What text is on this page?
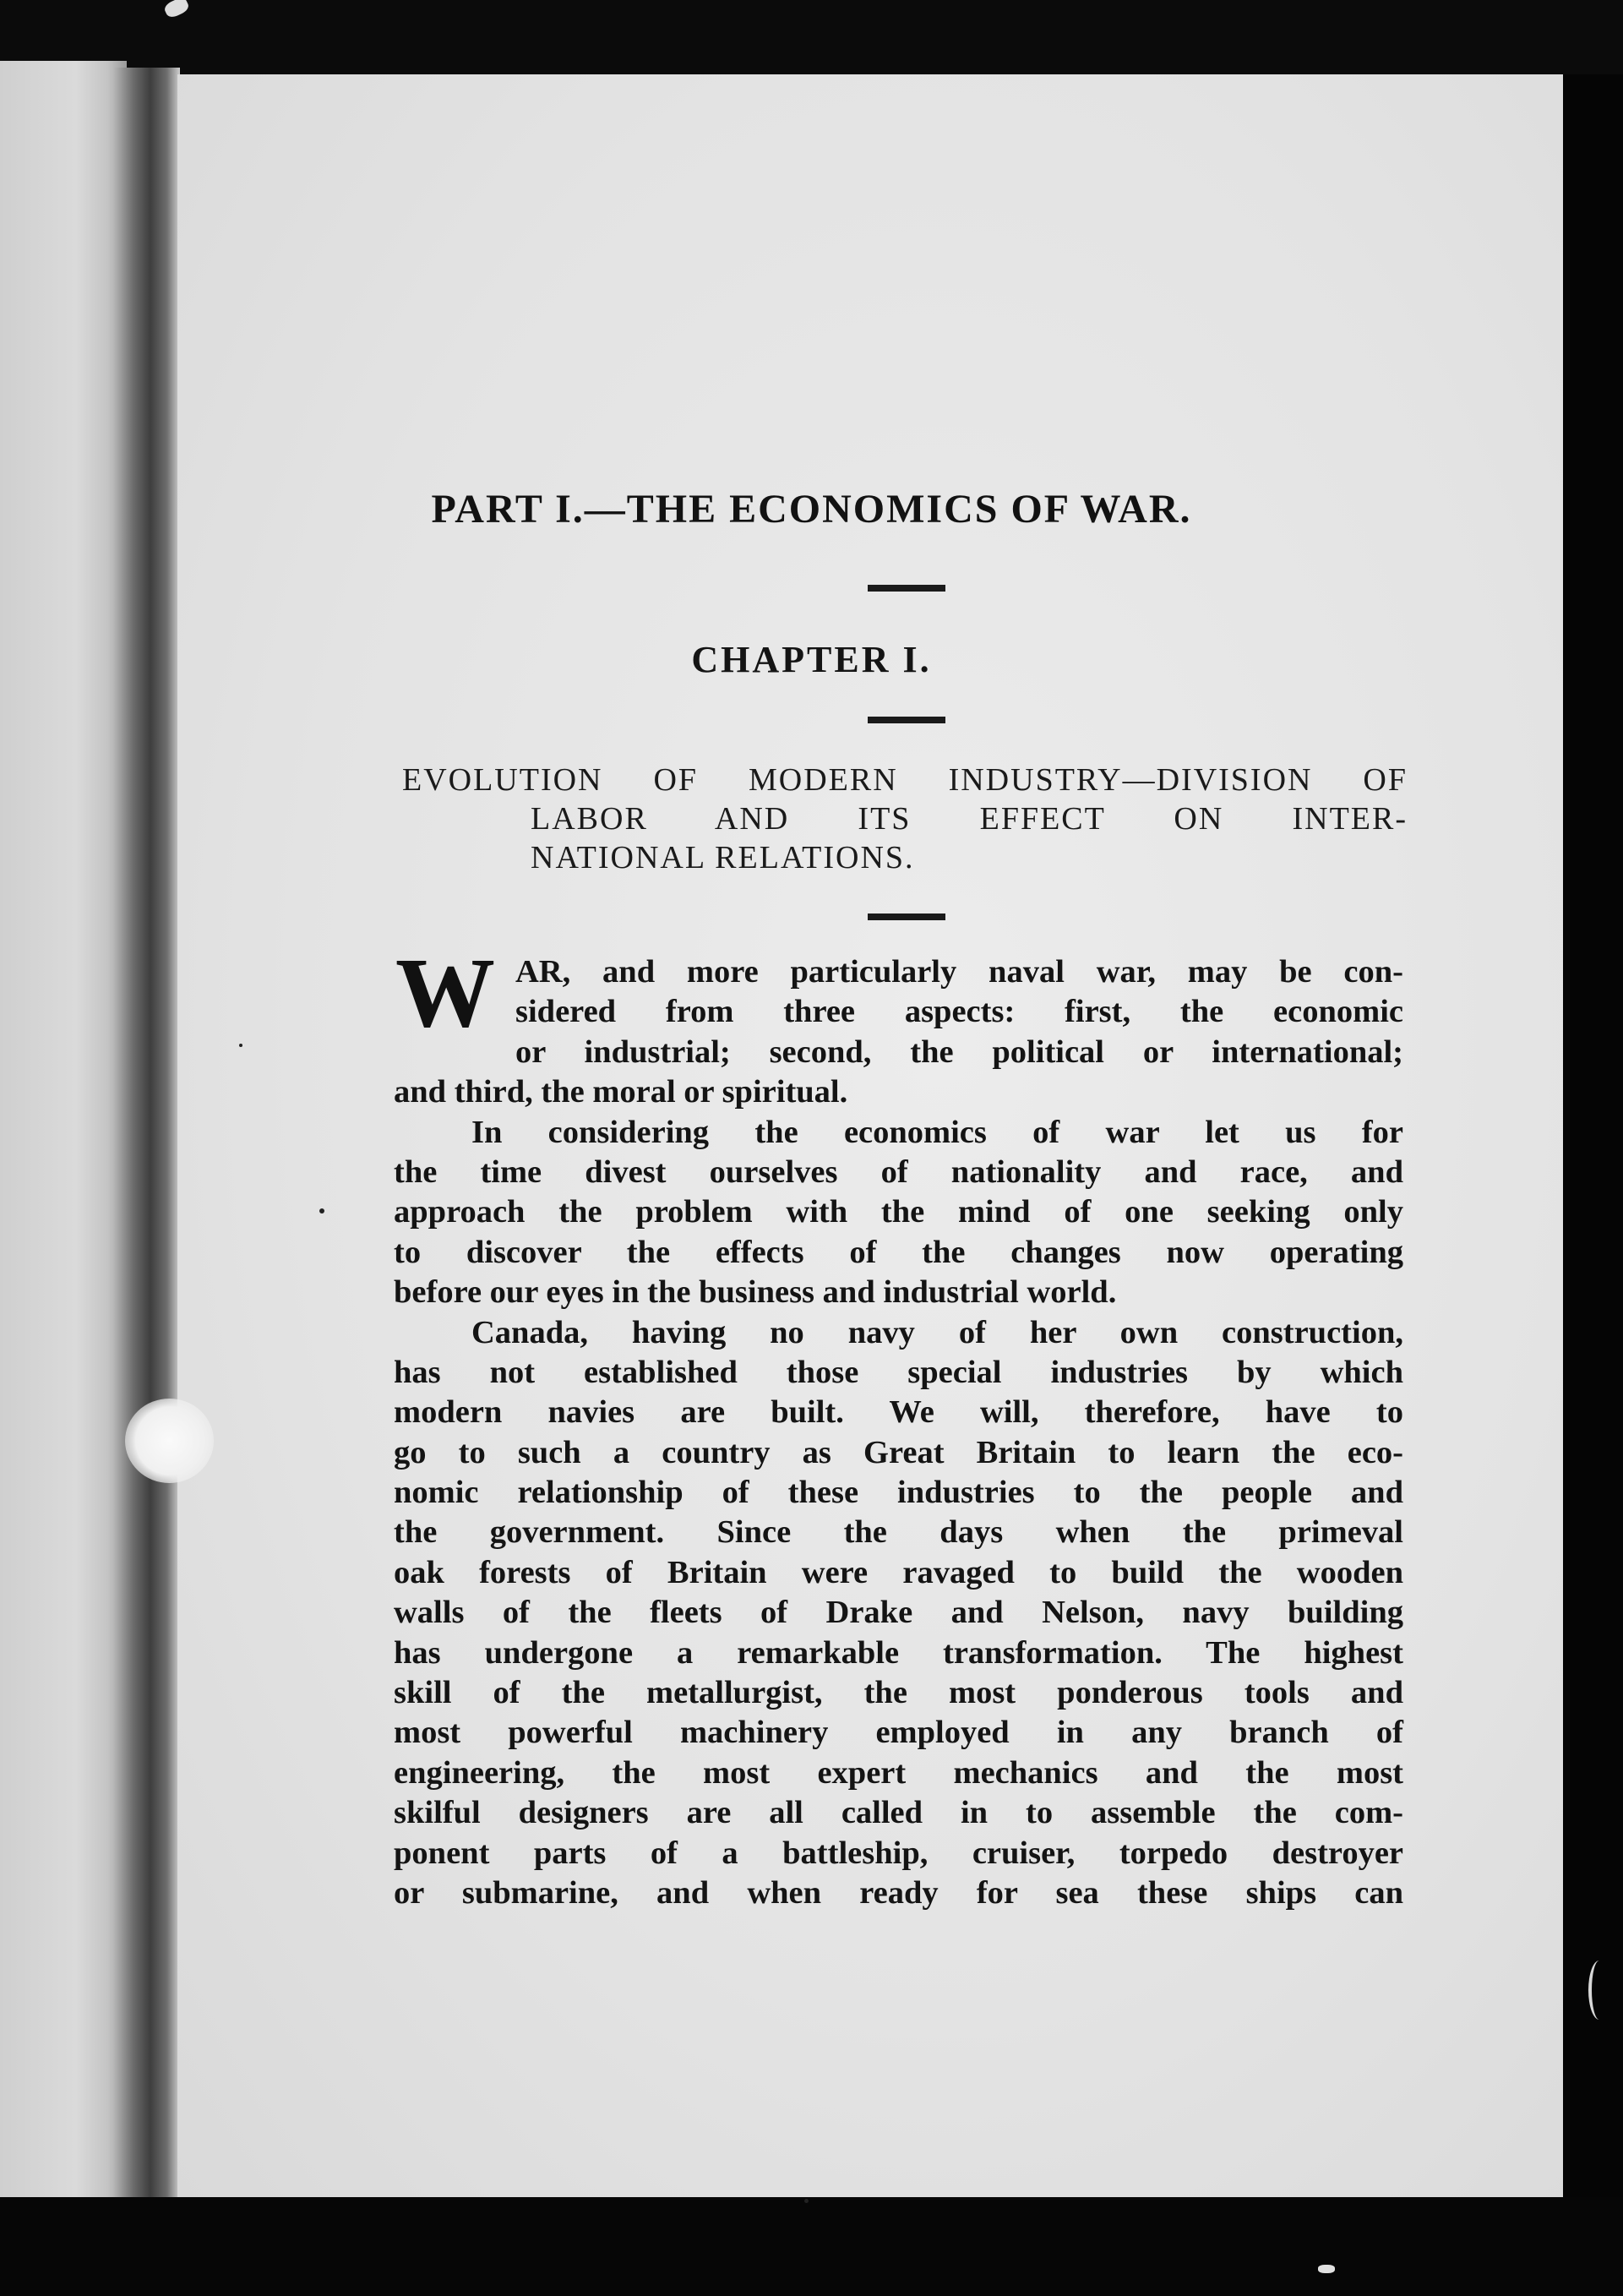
PART I.—THE ECONOMICS OF WAR.
CHAPTER I.
EVOLUTION OF MODERN INDUSTRY—DIVISION OF
LABOR AND ITS EFFECT ON INTER-
NATIONAL RELATIONS.
W AR, and more particularly naval war, may be con-
sidered from three aspects: first, the economic
or industrial; second, the political or international;
and third, the moral or spiritual.
In considering the economics of war let us for
the time divest ourselves of nationality and race, and
approach the problem with the mind of one seeking only
to discover the effects of the changes now operating
before our eyes in the business and industrial world.
Canada, having no navy of her own construction,
has not established those special industries by which
modern navies are built. We will, therefore, have to
go to such a country as Great Britain to learn the eco-
nomic relationship of these industries to the people and
the government. Since the days when the primeval
oak forests of Britain were ravaged to build the wooden
walls of the fleets of Drake and Nelson, navy building
has undergone a remarkable transformation. The highest
skill of the metallurgist, the most ponderous tools and
most powerful machinery employed in any branch of
engineering, the most expert mechanics and the most
skilful designers are all called in to assemble the com-
ponent parts of a battleship, cruiser, torpedo destroyer
or submarine, and when ready for sea these ships can
